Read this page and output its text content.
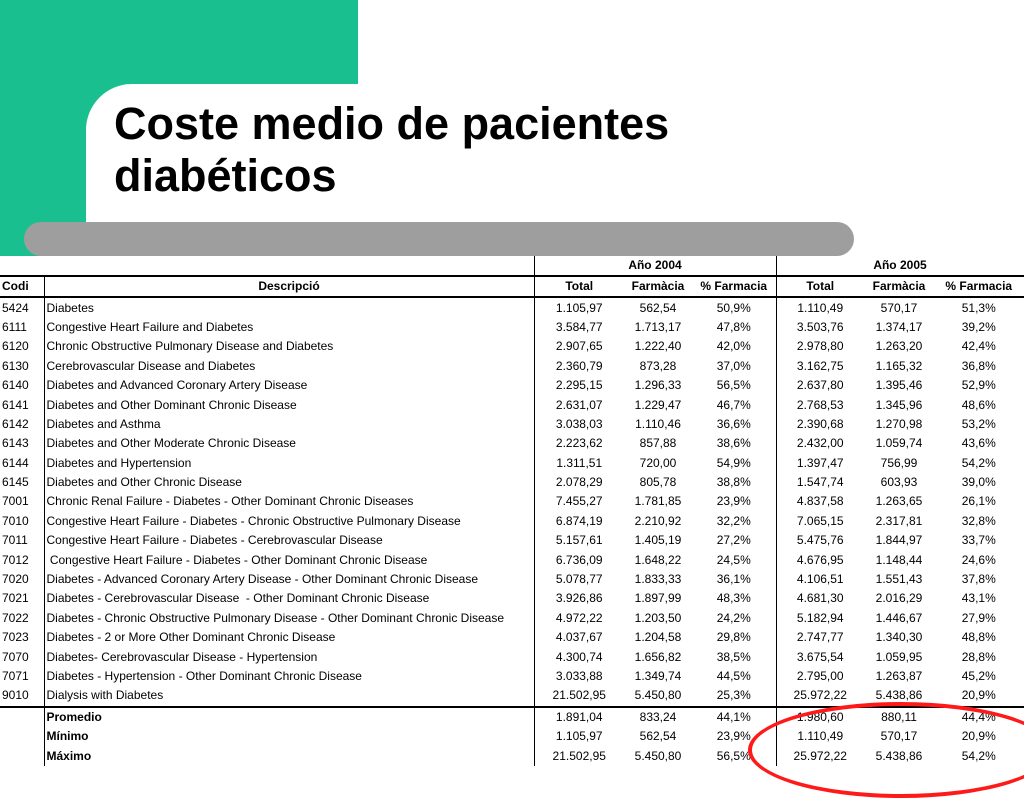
Coste medio de pacientes
diabéticos
		Año 2004			Año 2005		
Codi	Descripció	Total	Farmàcia	% Farmacia	Total	Farmàcia	% Farmacia
5424	Diabetes	1.105,97	562,54	50,9%	1.110,49	570,17	51,3%
6111	Congestive Heart Failure and Diabetes	3.584,77	1.713,17	47,8%	3.503,76	1.374,17	39,2%
6120	Chronic Obstructive Pulmonary Disease and Diabetes	2.907,65	1.222,40	42,0%	2.978,80	1.263,20	42,4%
6130	Cerebrovascular Disease and Diabetes	2.360,79	873,28	37,0%	3.162,75	1.165,32	36,8%
6140	Diabetes and Advanced Coronary Artery Disease	2.295,15	1.296,33	56,5%	2.637,80	1.395,46	52,9%
6141	Diabetes and Other Dominant Chronic Disease	2.631,07	1.229,47	46,7%	2.768,53	1.345,96	48,6%
6142	Diabetes and Asthma	3.038,03	1.110,46	36,6%	2.390,68	1.270,98	53,2%
6143	Diabetes and Other Moderate Chronic Disease	2.223,62	857,88	38,6%	2.432,00	1.059,74	43,6%
6144	Diabetes and Hypertension	1.311,51	720,00	54,9%	1.397,47	756,99	54,2%
6145	Diabetes and Other Chronic Disease	2.078,29	805,78	38,8%	1.547,74	603,93	39,0%
7001	Chronic Renal Failure - Diabetes - Other Dominant Chronic Diseases	7.455,27	1.781,85	23,9%	4.837,58	1.263,65	26,1%
7010	Congestive Heart Failure - Diabetes - Chronic Obstructive Pulmonary Disease	6.874,19	2.210,92	32,2%	7.065,15	2.317,81	32,8%
7011	Congestive Heart Failure - Diabetes - Cerebrovascular Disease	5.157,61	1.405,19	27,2%	5.475,76	1.844,97	33,7%
7012	Congestive Heart Failure - Diabetes - Other Dominant Chronic Disease	6.736,09	1.648,22	24,5%	4.676,95	1.148,44	24,6%
7020	Diabetes - Advanced Coronary Artery Disease - Other Dominant Chronic Disease	5.078,77	1.833,33	36,1%	4.106,51	1.551,43	37,8%
7021	Diabetes - Cerebrovascular Disease  - Other Dominant Chronic Disease	3.926,86	1.897,99	48,3%	4.681,30	2.016,29	43,1%
7022	Diabetes - Chronic Obstructive Pulmonary Disease - Other Dominant Chronic Disease	4.972,22	1.203,50	24,2%	5.182,94	1.446,67	27,9%
7023	Diabetes - 2 or More Other Dominant Chronic Disease	4.037,67	1.204,58	29,8%	2.747,77	1.340,30	48,8%
7070	Diabetes- Cerebrovascular Disease - Hypertension	4.300,74	1.656,82	38,5%	3.675,54	1.059,95	28,8%
7071	Diabetes - Hypertension - Other Dominant Chronic Disease	3.033,88	1.349,74	44,5%	2.795,00	1.263,87	45,2%
9010	Dialysis with Diabetes	21.502,95	5.450,80	25,3%	25.972,22	5.438,86	20,9%
	Promedio	1.891,04	833,24	44,1%	1.980,60	880,11	44,4%
	Mínimo	1.105,97	562,54	23,9%	1.110,49	570,17	20,9%
	Máximo	21.502,95	5.450,80	56,5%	25.972,22	5.438,86	54,2%
